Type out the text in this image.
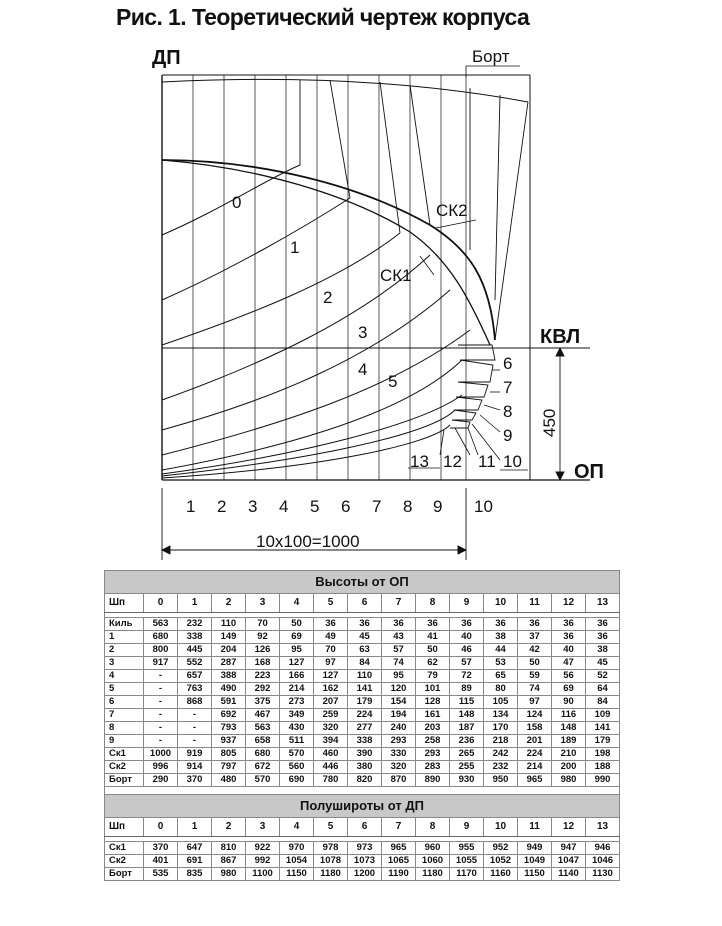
Рис. 1. Теоретический чертеж корпуса
ДП	Борт
СК2
СК1
КВЛ
ОП
450
10х100=1000
0
1
2
3
4
5
6
7
8
9
10
11
12
13
1 2 3 4 5 6 7 8 9 10
Высоты от ОП														
Шп	0	1	2	3	4	5	6	7	8	9	10	11	12	13

Киль	563	232	110	70	50	36	36	36	36	36	36	36	36	36
1	680	338	149	92	69	49	45	43	41	40	38	37	36	36
2	800	445	204	126	95	70	63	57	50	46	44	42	40	38
3	917	552	287	168	127	97	84	74	62	57	53	50	47	45
4	-	657	388	223	166	127	110	95	79	72	65	59	56	52
5	-	763	490	292	214	162	141	120	101	89	80	74	69	64
6	-	868	591	375	273	207	179	154	128	115	105	97	90	84
7	-	-	692	467	349	259	224	194	161	148	134	124	116	109
8	-	-	793	563	430	320	277	240	203	187	170	158	148	141
9	-	-	937	658	511	394	338	293	258	236	218	201	189	179
Ск1	1000	919	805	680	570	460	390	330	293	265	242	224	210	198
Ск2	996	914	797	672	560	446	380	320	283	255	232	214	200	188
Борт	290	370	480	570	690	780	820	870	890	930	950	965	980	990

Полушироты от ДП														
Шп	0	1	2	3	4	5	6	7	8	9	10	11	12	13

Ск1	370	647	810	922	970	978	973	965	960	955	952	949	947	946
Ск2	401	691	867	992	1054	1078	1073	1065	1060	1055	1052	1049	1047	1046
Борт	535	835	980	1100	1150	1180	1200	1190	1180	1170	1160	1150	1140	1130
